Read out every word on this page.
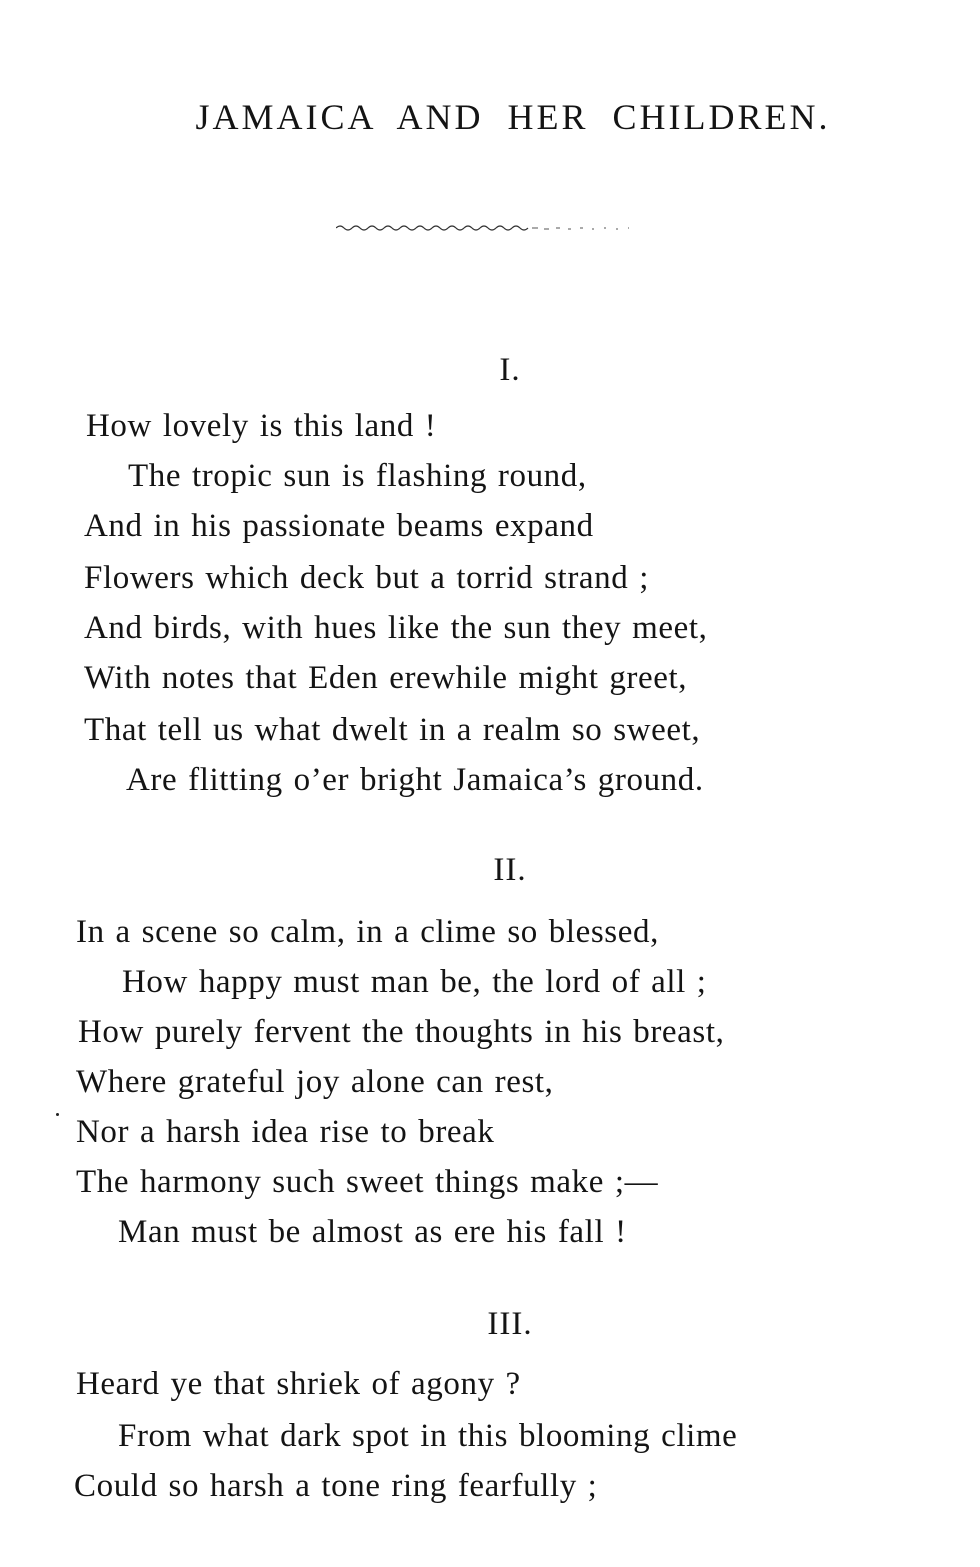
JAMAICA AND HER CHILDREN.
I.
How lovely is this land !
The tropic sun is flashing round,
And in his passionate beams expand
Flowers which deck but a torrid strand ;
And birds, with hues like the sun they meet,
With notes that Eden erewhile might greet,
That tell us what dwelt in a realm so sweet,
Are flitting o’er bright Jamaica’s ground.
II.
In a scene so calm, in a clime so blessed,
How happy must man be, the lord of all ;
How purely fervent the thoughts in his breast,
Where grateful joy alone can rest,
Nor a harsh idea rise to break
The harmony such sweet things make ;—
Man must be almost as ere his fall !
III.
Heard ye that shriek of agony ?
From what dark spot in this blooming clime
Could so harsh a tone ring fearfully ;
